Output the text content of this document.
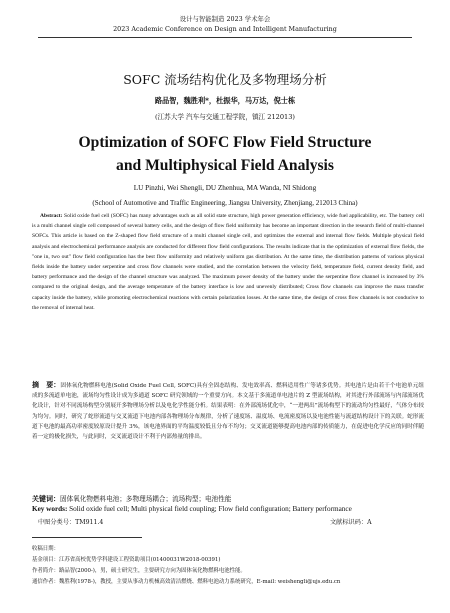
设计与智能制造 2023 学术年会
2023 Academic Conference on Design and Intelligent Manufacturing
SOFC 流场结构优化及多物理场分析
路品智，魏胜利*，杜振华，马万达，倪士栋
(江苏大学 汽车与交通工程学院，镇江 212013)
Optimization of SOFC Flow Field Structure
and Multiphysical Field Analysis
LU Pinzhi, Wei Shengli, DU Zhenhua, MA Wanda, NI Shidong
(School of Automotive and Traffic Engineering, Jiangsu University, Zhenjiang, 212013 China)

Abstract: Solid oxide fuel cell (SOFC) has many advantages such as all solid state structure, high power generation efficiency, wide fuel applicability, etc. The battery cell is a multi channel single cell composed of several battery cells, and the design of flow field uniformity has become an important direction in the research field of multi-channel SOFCs. This article is based on the Z-shaped flow field structure of a multi channel single cell, and optimizes the external and internal flow fields. Multiple physical field analysis and electrochemical performance analysis are conducted for different flow field configurations. The results indicate that in the optimization of external flow fields, the "one in, two out" flow field configuration has the best flow uniformity and relatively uniform gas distribution. At the same time, the distribution patterns of various physical fields inside the battery under serpentine and cross flow channels were studied, and the correlation between the velocity field, temperature field, current density field, and battery performance and the design of the channel structure was analyzed. The maximum power density of the battery under the serpentine flow channel is increased by 3% compared to the original design, and the average temperature of the battery interface is low and unevenly distributed; Cross flow channels can improve the mass transfer capacity inside the battery, while promoting electrochemical reactions with certain polarization losses. At the same time, the design of cross flow channels is not conducive to the removal of internal heat.

摘　要：固体氧化物燃料电池(Solid Oxide Fuel Cell, SOFC)具有全固态结构、发电效率高、燃料适用性广等诸多优势。其电池片是由若干个电池单元组成的多流道单电池，流场均匀性设计成为多通道 SOFC 研究领域的一个重要方向。本文基于多流道单电池片的 Z 型流场结构，对其进行外部流场与内部流场优化设计，针对不同流场构型分别展开多物理场分析以及电化学性能分析。结果表明：在外部流场优化中，“一进两出”流场构型下的流动均匀性最好，气体分布较为均匀。同时，研究了蛇形流道与交叉流道下电池内部各物理场分布规律，分析了速度场、温度场、电流密度场以及电池性能与流道结构设计下的关联。蛇形流道下电池的最高功率密度较原设计提升 3%，该电池界面的平均温度较低且分布不均匀；交叉流道能够提高电池内部的传质能力，在促进电化学反应的同时伴随着一定的极化损失，与此同时，交叉流道设计不利于内部热量的排出。

关键词：固体氧化物燃料电池；多物理场耦合；流场构型；电池性能
Key words: Solid oxide fuel cell; Multi physical field coupling; Flow field configuration; Battery performance
中图分类号：TM911.4	文献标识码：A
收稿日期：
基金项目：江苏省高校优势学科建设工程资助项目(01400031W2018-00391)
作者简介：路品智(2000-)，男，硕士研究生，主要研究方向为固体氧化物燃料电池性能。
通信作者：魏胜利(1978-)，教授，主要从事动力机械高效清洁燃烧、燃料电池动力系统研究，E-mail: weishengli@ujs.edu.cn
